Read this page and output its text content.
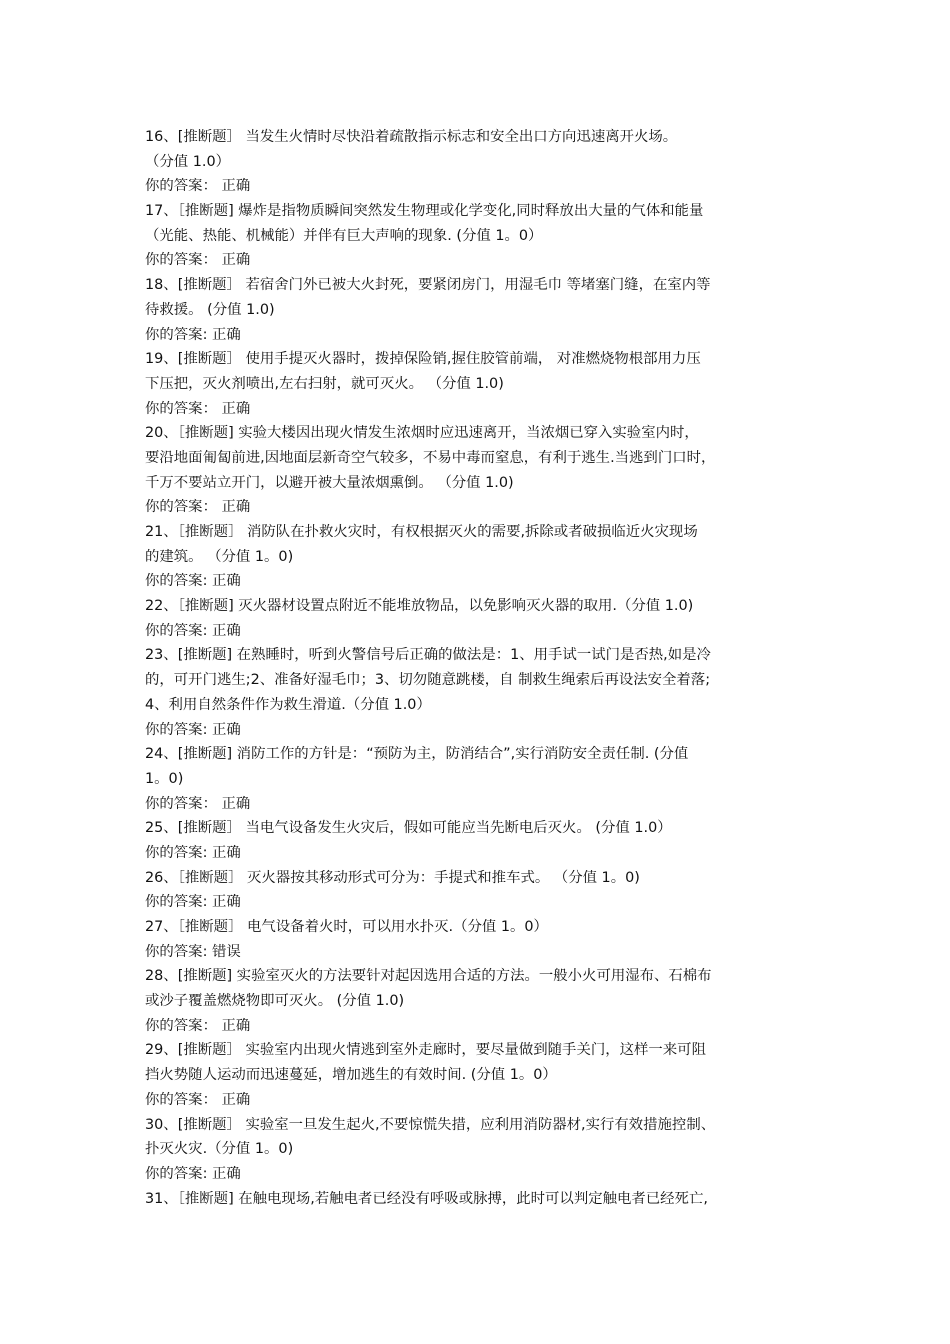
16、[推断题］ 当发生火情时尽快沿着疏散指示标志和安全出口方向迅速离开火场。
（分值 1.0）
你的答案： 正确
17、［推断题] 爆炸是指物质瞬间突然发生物理或化学变化,同时释放出大量的气体和能量
（光能、热能、机械能）并伴有巨大声响的现象. (分值 1。0）
你的答案： 正确
18、[推断题］ 若宿舍门外已被大火封死，要紧闭房门，用湿毛巾 等堵塞门缝，在室内等
待救援。 (分值 1.0)
你的答案: 正确
19、[推断题］ 使用手提灭火器时，拨掉保险销,握住胶管前端， 对准燃烧物根部用力压
下压把，灭火剂喷出,左右扫射，就可灭火。 （分值 1.0)
你的答案： 正确
20、［推断题] 实验大楼因出现火情发生浓烟时应迅速离开，当浓烟已穿入实验室内时，
要沿地面匍匐前进,因地面层新奇空气较多，不易中毒而窒息，有利于逃生.当逃到门口时，
千万不要站立开门，以避开被大量浓烟熏倒。 （分值 1.0)
你的答案： 正确
21、［推断题］ 消防队在扑救火灾时，有权根据灭火的需要,拆除或者破损临近火灾现场
的建筑。 （分值 1。0)
你的答案: 正确
22、［推断题] 灭火器材设置点附近不能堆放物品，以免影响灭火器的取用.（分值 1.0)
你的答案: 正确
23、[推断题] 在熟睡时，听到火警信号后正确的做法是：1、用手试一试门是否热,如是冷
的，可开门逃生;2、准备好湿毛巾；3、切勿随意跳楼，自 制救生绳索后再设法安全着落;
4、利用自然条件作为救生滑道.（分值 1.0）
你的答案: 正确
24、[推断题] 消防工作的方针是：“预防为主，防消结合”,实行消防安全责任制. (分值
1。0)
你的答案： 正确
25、[推断题］ 当电气设备发生火灾后，假如可能应当先断电后灭火。 (分值 1.0）
你的答案: 正确
26、［推断题］ 灭火器按其移动形式可分为：手提式和推车式。 （分值 1。0)
你的答案: 正确
27、［推断题］ 电气设备着火时，可以用水扑灭.（分值 1。0）
你的答案: 错误
28、[推断题] 实验室灭火的方法要针对起因选用合适的方法。一般小火可用湿布、石棉布
或沙子覆盖燃烧物即可灭火。 (分值 1.0)
你的答案： 正确
29、[推断题］ 实验室内出现火情逃到室外走廊时，要尽量做到随手关门，这样一来可阻
挡火势随人运动而迅速蔓延，增加逃生的有效时间. (分值 1。0）
你的答案： 正确
30、[推断题］ 实验室一旦发生起火,不要惊慌失措，应利用消防器材,实行有效措施控制、
扑灭火灾.（分值 1。0)
你的答案: 正确
31、［推断题] 在触电现场,若触电者已经没有呼吸或脉搏，此时可以判定触电者已经死亡,
